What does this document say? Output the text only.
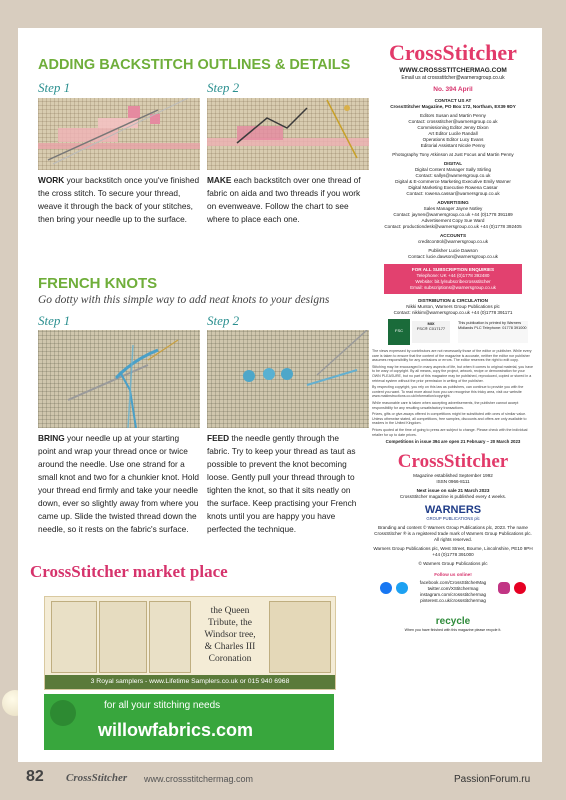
ADDING BACKSTITCH OUTLINES & DETAILS
Step 1	Step 2
WORK your backstitch once you've finished
the cross stitch. To secure your thread,
weave it through the back of your stitches,
then bring your needle up to the surface.
MAKE each backstitch over one thread of
fabric on aida and two threads if you work
on evenweave. Follow the chart to see
where to place each one.
FRENCH KNOTS
Go dotty with this simple way to add neat knots to your designs
Step 1	Step 2
BRING your needle up at your starting
point and wrap your thread once or twice
around the needle. Use one strand for a
small knot and two for a chunkier knot. Hold
your thread end firmly and take your needle
down, ever so slightly away from where you
came up. Slide the twisted thread down the
needle, so it rests on the fabric's surface.
FEED the needle gently through the
fabric. Try to keep your thread as taut as
possible to prevent the knot becoming
loose. Gently pull your thread through to
tighten the knot, so that it sits neatly on
the surface. Keep practising your French
knots until you are happy you have
perfected the technique.
CrossStitcher market place
the Queen
Tribute, the
Windsor tree,
& Charles III
Coronation
3 Royal samplers - www.Lifetime Samplers.co.uk or 015 940 6968
for all your stitching needs
willowfabrics.com
CrossStitcher
WWW.CROSSSTITCHERMAG.COM
Email us at crossstitcher@warnersgroup.co.uk
No. 394 April
CONTACT US AT
CrossStitcher Magazine, PO Box 172, Northam, EX39 9DY
Editors Susan and Martin Penny
Contact: crossstitcher@warnersgroup.co.uk
Commissioning Editor Jenny Dixon
Art Editor Lucile Randall
Operations Editor Lucy Evans
Editorial Assistant Nicole Penny
Photography Tony Atkinson at Just Focus and Martin Penny
DIGITAL
Digital Content Manager Sally Stirling
Contact: sallys@warnersgroup.co.uk
Digital & E-commerce Marketing Executive Emily Warner
Digital Marketing Executive Rowena Cassar
Contact: rowena.cassar@warnersgroup.co.uk
ADVERTISING
Sales Manager Jayne Notley
Contact: jaynen@warnersgroup.co.uk +44 (0)1778 391189
Advertisement Copy Sue Ward
Contact: productiondesk@warnersgroup.co.uk +44 (0)1778 392405
ACCOUNTS
creditcontrol@warnersgroup.co.uk
Publisher Lucie Dawson
Contact: lucie.dawson@warnersgroup.co.uk
FOR ALL SUBSCRIPTION ENQUIRIES
Telephone: UK +44 (0)1778 392480
Website: bit.ly/subscribecrossstitcher
Email: subscriptions@warnersgroup.co.uk
DISTRIBUTION & CIRCULATION
Nikki Munton, Warners Group Publications plc
Contact: nikkim@warnersgroup.co.uk +44 (0)1778 391171
FSC
MIX
FSC® C017177
This publication is printed by Warners Midlands PLC Telephone: 01778 391000

The views expressed by contributors are not necessarily those of the editor or publisher. While every care is taken to ensure that the content of the magazine is accurate, neither the editor nor publisher assumes responsibility for any omissions or errors. The editor reserves the right to edit copy.

Stitching may be encouraged in many aspects of life, but when it comes to original material, you have to be wary of copyright. By all means, copy the project, artwork, recipe or demonstration for your OWN PLEASURE, but no part of this magazine may be published, reproduced, copied or stored in a retrieval system without the prior permission in writing of the publisher.

By respecting copyright, you rely on this law as publishers, can continue to provide you with the content you want. To read more about how you can recognise this tricky area, visit our website www.makinstructions.co.uk/information/copyright.

While reasonable care is taken when accepting advertisements, the publisher cannot accept responsibility for any resulting unsatisfactory transactions.

Prizes, gifts or give-aways offered in competitions might be substituted with ones of similar value. Unless otherwise stated, all competitions, free samples, discounts and offers are only available to readers in the United Kingdom.

Prices quoted at the time of going to press are subject to change. Please check with the individual retailer for up to date prices.

Competitions in issue 394 are open 21 February – 20 March 2023
CrossStitcher
Magazine established September 1992
ISSN 0966-8111
Next issue on sale 21 March 2023
CrossStitcher magazine is published every 4 weeks.
WARNERS
GROUP PUBLICATIONS plc
Branding and content © Warners Group Publications plc, 2023. The name CrossStitcher ® is a registered trade mark of Warners Group Publications plc. All rights reserved.
Warners Group Publications plc, West Street, Bourne, Lincolnshire, PE10 9PH +44 (0)1778 391000
© Warners Group Publications plc
Follow us online!
facebook.com/CrossStitcherMag
twitter.com/XStitchermag
instagram.com/crossstitchermag
pinterest.co.uk/crossstitchermag
recycle
When you have finished with this magazine please recycle it.
82 CrossStitcher www.crossstitchermag.com	PassionForum.ru
